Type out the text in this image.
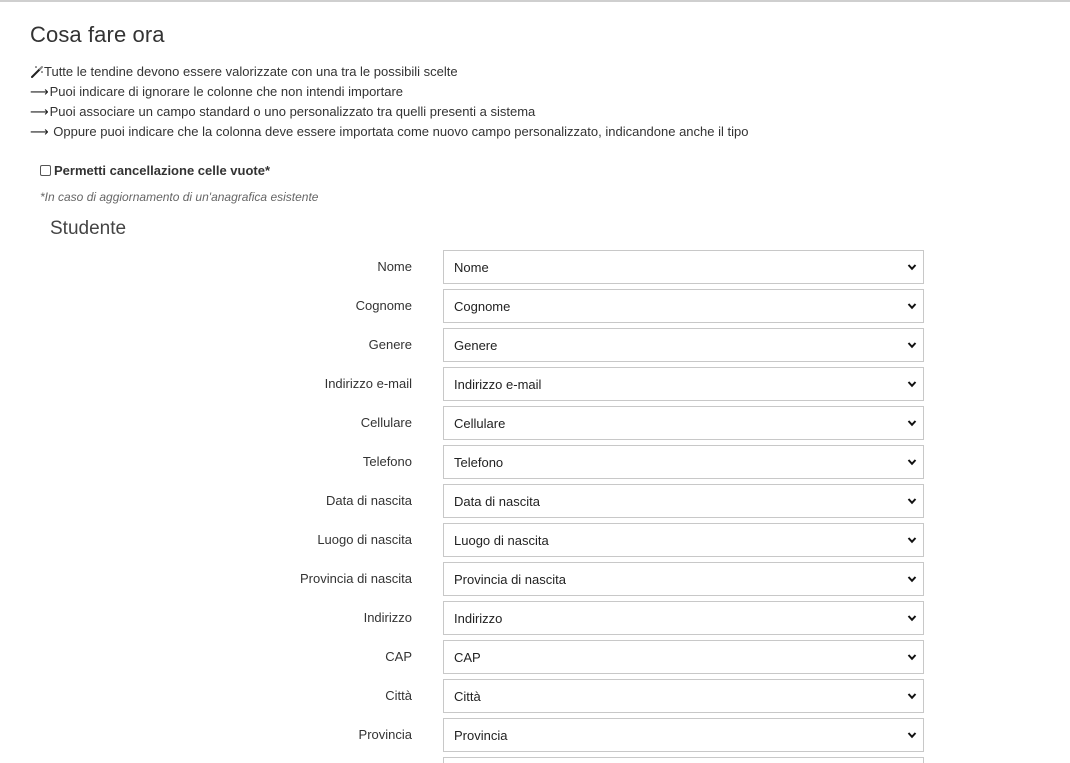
Cosa fare ora
Tutte le tendine devono essere valorizzate con una tra le possibili scelte
⟶ Puoi indicare di ignorare le colonne che non intendi importare
⟶ Puoi associare un campo standard o uno personalizzato tra quelli presenti a sistema
⟶ Oppure puoi indicare che la colonna deve essere importata come nuovo campo personalizzato, indicandone anche il tipo
Permetti cancellazione celle vuote*
*In caso di aggiornamento di un'anagrafica esistente
Studente
Nome	Nome
Cognome	Cognome
Genere	Genere
Indirizzo e-mail	Indirizzo e-mail
Cellulare	Cellulare
Telefono	Telefono
Data di nascita	Data di nascita
Luogo di nascita	Luogo di nascita
Provincia di nascita	Provincia di nascita
Indirizzo	Indirizzo
CAP	CAP
Città	Città
Provincia	Provincia
